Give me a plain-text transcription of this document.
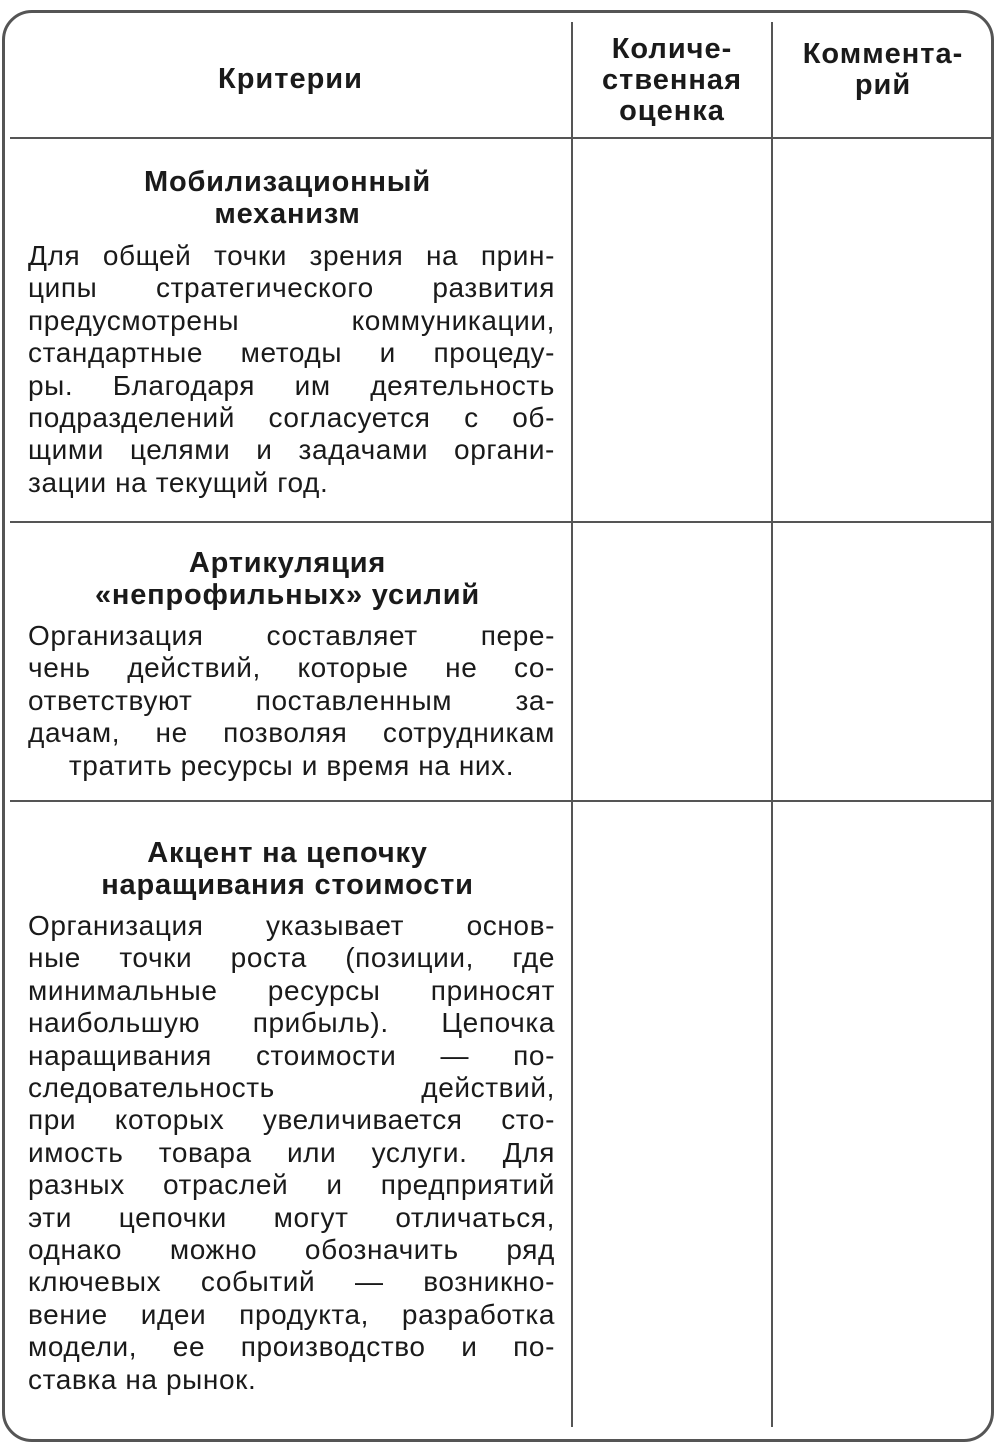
Критерии
Количе-
ственная
оценка
Коммента-
рий
Мобилизационный
механизм
Для общей точки зрения на прин-
ципы стратегического развития
предусмотрены коммуникации,
стандартные методы и процеду-
ры. Благодаря им деятельность
подразделений согласуется с об-
щими целями и задачами органи-
зации на текущий год.
Артикуляция
«непрофильных» усилий
Организация составляет пере-
чень действий, которые не со-
ответствуют поставленным за-
дачам, не позволяя сотрудникам
тратить ресурсы и время на них.
Акцент на цепочку
наращивания стоимости
Организация указывает основ-
ные точки роста (позиции, где
минимальные ресурсы приносят
наибольшую прибыль). Цепочка
наращивания стоимости — по-
следовательность действий,
при которых увеличивается сто-
имость товара или услуги. Для
разных отраслей и предприятий
эти цепочки могут отличаться,
однако можно обозначить ряд
ключевых событий — возникно-
вение идеи продукта, разработка
модели, ее производство и по-
ставка на рынок.
